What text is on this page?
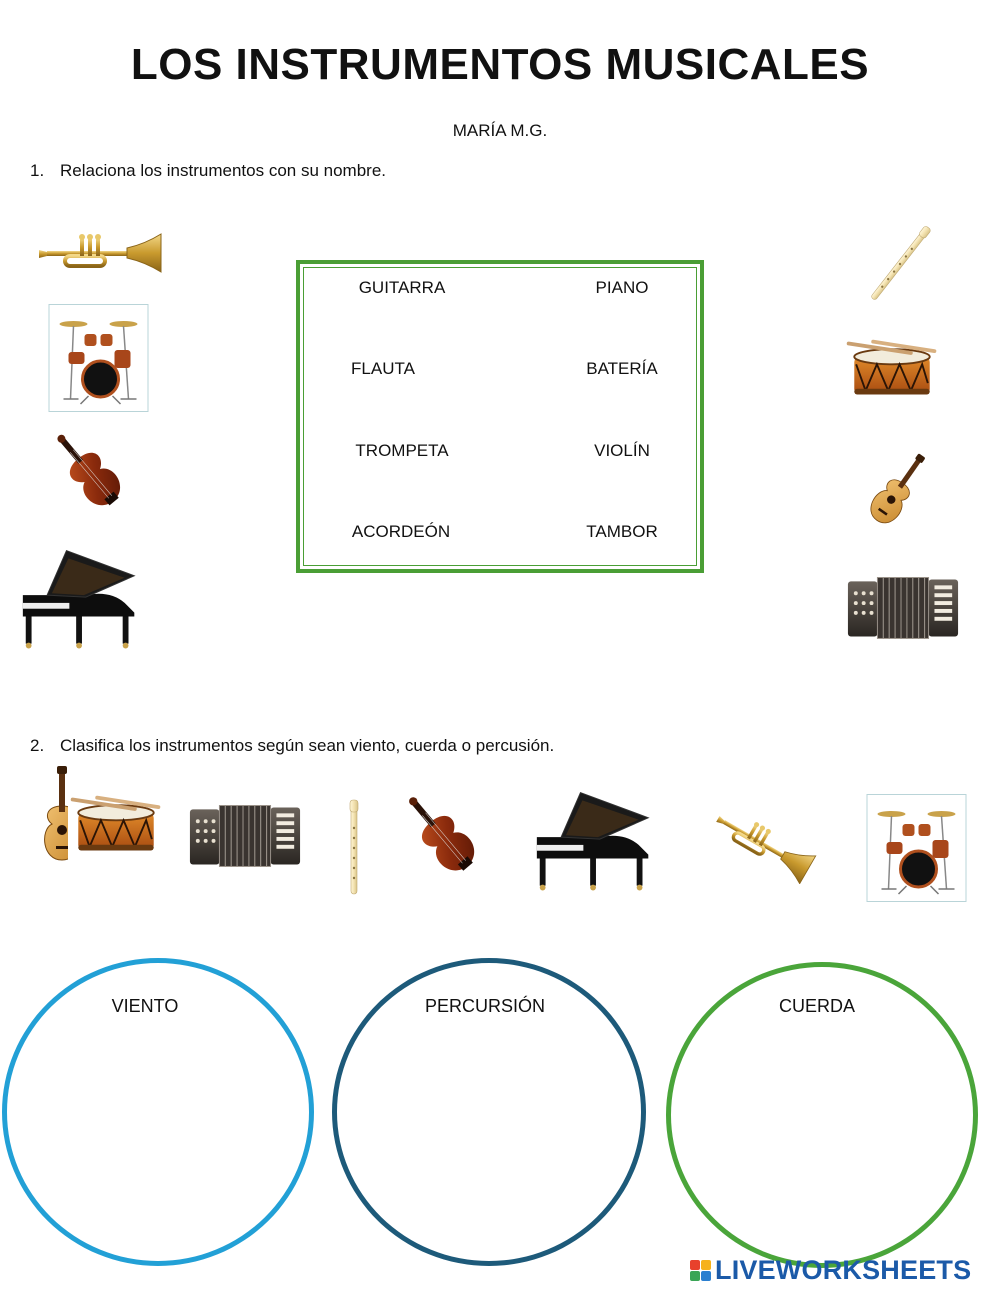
LOS INSTRUMENTOS MUSICALES
MARÍA M.G.
1. Relaciona los instrumentos con su nombre.
GUITARRA
FLAUTA
TROMPETA
ACORDEÓN
PIANO
BATERÍA
VIOLÍN
TAMBOR
2. Clasifica los instrumentos según sean viento, cuerda o percusión.
VIENTO	PERCURSIÓN	CUERDA
LIVEWORKSHEETS
